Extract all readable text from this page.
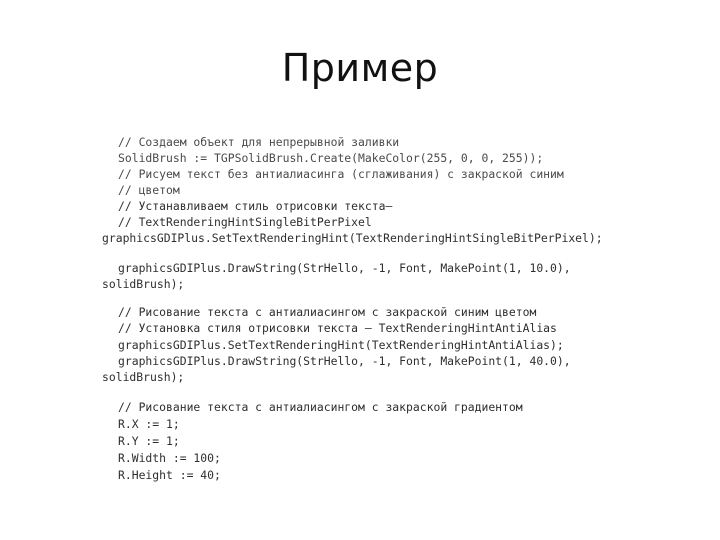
Пример
// Создаем объект для непрерывной заливки
SolidBrush := TGPSolidBrush.Create(MakeColor(255, 0, 0, 255));
// Рисуем текст без антиалиасинга (сглаживания) с закраской синим
// цветом
// Устанавливаем стиль отрисовки текста–
// TextRenderingHintSingleBitPerPixel
graphicsGDIPlus.SetTextRenderingHint(TextRenderingHintSingleBitPerPixel);
graphicsGDIPlus.DrawString(StrHello, -1, Font, MakePoint(1, 10.0),
solidBrush);
// Рисование текста с антиалиасингом с закраской синим цветом
// Установка стиля отрисовки текста – TextRenderingHintAntiAlias
graphicsGDIPlus.SetTextRenderingHint(TextRenderingHintAntiAlias);
graphicsGDIPlus.DrawString(StrHello, -1, Font, MakePoint(1, 40.0),
solidBrush);
// Рисование текста с антиалиасингом с закраской градиентом
R.X := 1;
R.Y := 1;
R.Width := 100;
R.Height := 40;
